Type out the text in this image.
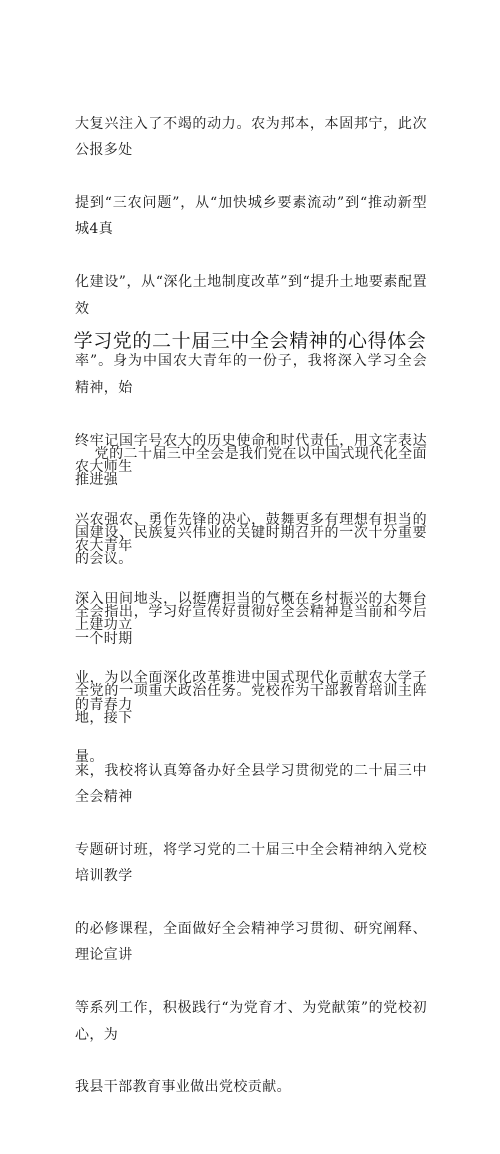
大复兴注入了不竭的动力。农为邦本，本固邦宁，此次公报多处

提到“三农问题”，从“加快城乡要素流动”到“推动新型城4真

化建设”，从“深化土地制度改革”到“提升土地要素配置效

率”。身为中国农大青年的一份子，我将深入学习全会精神，始

终牢记国字号农大的历史使命和时代责任，用文字表达农大师生

兴农强农、勇作先锋的决心，鼓舞更多有理想有担当的农大青年

深入田间地头，以挺膺担当的气概在乡村振兴的大舞台上建功立

业，为以全面深化改革推进中国式现代化贡献农大学子的青春力

量。

学习党的二十届三中全会精神的心得体会

党的二十届三中全会是我们党在以中国式现代化全面推进强

国建设、民族复兴伟业的关键时期召开的一次十分重要的会议。

全会指出，学习好宣传好贯彻好全会精神是当前和今后一个时期

全党的一项重大政治任务。党校作为干部教育培训主阵地，接下

来，我校将认真筹备办好全县学习贯彻党的二十届三中全会精神

专题研讨班，将学习党的二十届三中全会精神纳入党校培训教学

的必修课程，全面做好全会精神学习贯彻、研究阐释、理论宣讲

等系列工作，积极践行“为党育才、为党献策”的党校初心，为

我县干部教育事业做出党校贡献。
